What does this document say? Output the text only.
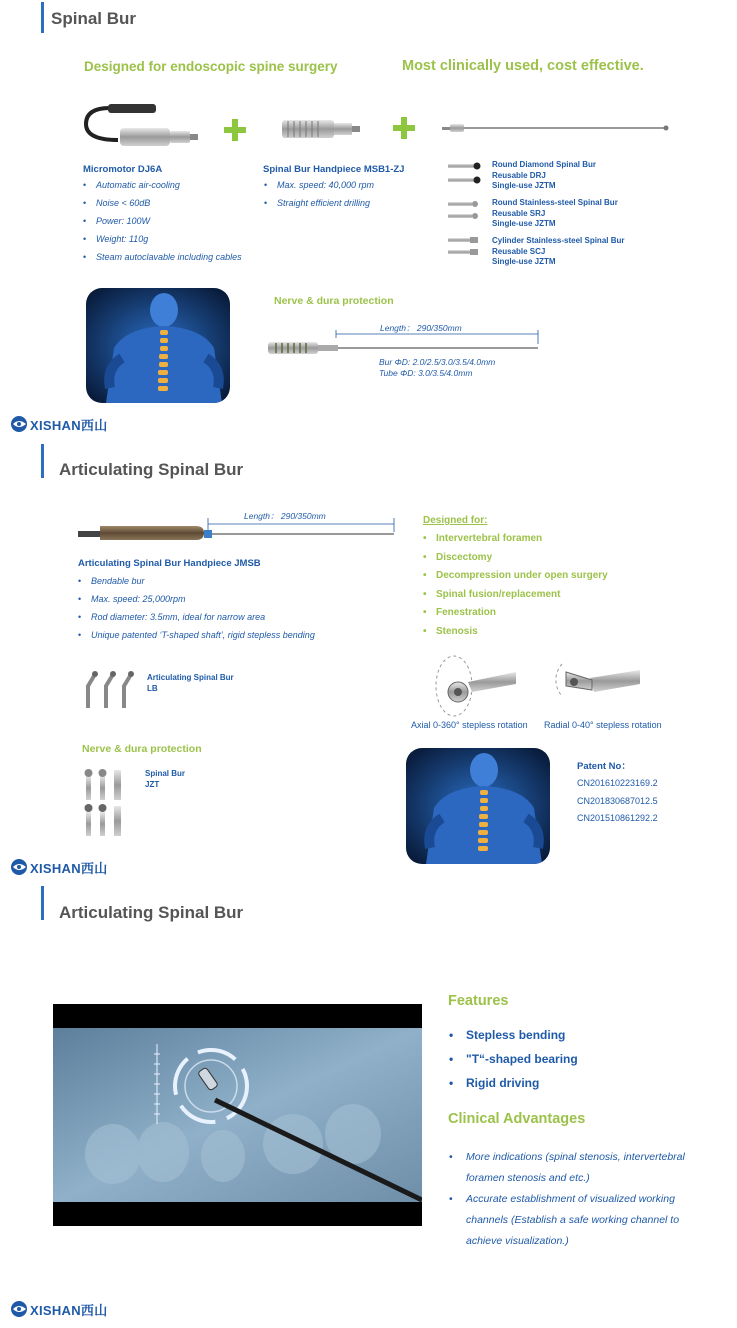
Spinal Bur
Designed for endoscopic spine surgery	Most clinically used, cost effective.
Micromotor DJ6A
• Automatic air-cooling
• Noise < 60dB
• Power: 100W
• Weight: 110g
• Steam autoclavable including cables
Spinal Bur Handpiece MSB1-ZJ
• Max. speed: 40,000 rpm
• Straight efficient drilling
Round Diamond Spinal Bur
Reusable DRJ
Single-use JZTM
Round Stainless-steel Spinal Bur
Reusable SRJ
Single-use JZTM
Cylinder Stainless-steel Spinal Bur
Reusable SCJ
Single-use JZTM
Nerve & dura protection
Length： 290/350mm
Bur ΦD: 2.0/2.5/3.0/3.5/4.0mm
Tube ΦD: 3.0/3.5/4.0mm
XISHAN西山
Articulating Spinal Bur
Length： 290/350mm
Articulating Spinal Bur Handpiece JMSB
• Bendable bur
• Max. speed: 25,000rpm
• Rod diameter: 3.5mm, ideal for narrow area
• Unique patented ‘T-shaped shaft’, rigid stepless bending
Designed for:
• Intervertebral foramen
• Discectomy
• Decompression under open surgery
• Spinal fusion/replacement
• Fenestration
• Stenosis
Articulating Spinal Bur
LB
Axial 0-360° stepless rotation Radial 0-40° stepless rotation
Nerve & dura protection
Spinal Bur
JZT
Patent No：
CN201610223169.2
CN201830687012.5
CN201510861292.2
XISHAN西山
Articulating Spinal Bur
Features
• Stepless bending
• "T“-shaped bearing
• Rigid driving
Clinical Advantages
• More indications (spinal stenosis, intervertebral
foramen stenosis and etc.)
• Accurate establishment of visualized working
channels (Establish a safe working channel to
achieve visualization.)
XISHAN西山
